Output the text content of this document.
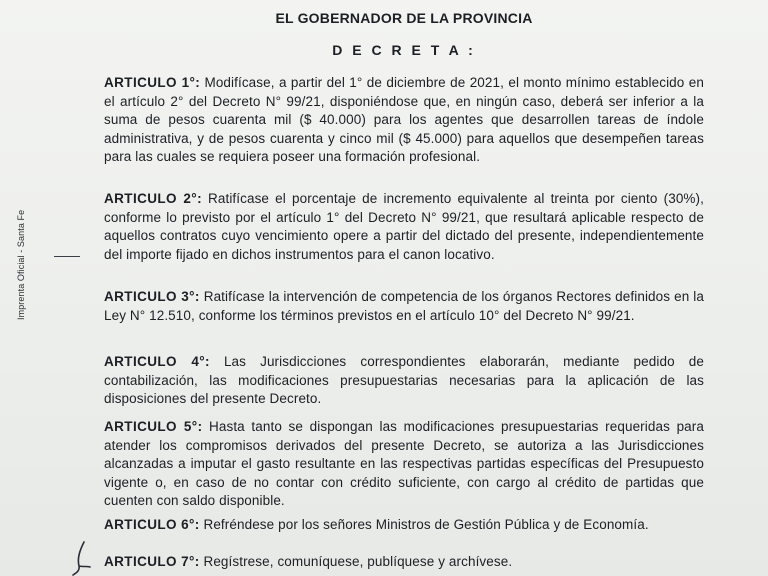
Imprenta Oficial - Santa Fe
EL GOBERNADOR DE LA PROVINCIA
D E C R E T A :
ARTICULO 1°: Modifícase, a partir del 1° de diciembre de 2021, el monto mínimo establecido en el artículo 2° del Decreto N° 99/21, disponiéndose que, en ningún caso, deberá ser inferior a la suma de pesos cuarenta mil ($ 40.000) para los agentes que desarrollen tareas de índole administrativa, y de pesos cuarenta y cinco mil ($ 45.000) para aquellos que desempeñen tareas para las cuales se requiera poseer una formación profesional.
ARTICULO 2°: Ratifícase el porcentaje de incremento equivalente al treinta por ciento (30%), conforme lo previsto por el artículo 1° del Decreto N° 99/21, que resultará aplicable respecto de aquellos contratos cuyo vencimiento opere a partir del dictado del presente, independientemente del importe fijado en dichos instrumentos para el canon locativo.
ARTICULO 3°: Ratifícase la intervención de competencia de los órganos Rectores definidos en la Ley N° 12.510, conforme los términos previstos en el artículo 10° del Decreto N° 99/21.
ARTICULO 4°: Las Jurisdicciones correspondientes elaborarán, mediante pedido de contabilización, las modificaciones presupuestarias necesarias para la aplicación de las disposiciones del presente Decreto.
ARTICULO 5°: Hasta tanto se dispongan las modificaciones presupuestarias requeridas para atender los compromisos derivados del presente Decreto, se autoriza a las Jurisdicciones alcanzadas a imputar el gasto resultante en las respectivas partidas específicas del Presupuesto vigente o, en caso de no contar con crédito suficiente, con cargo al crédito de partidas que cuenten con saldo disponible.
ARTICULO 6°: Refréndese por los señores Ministros de Gestión Pública y de Economía.
ARTICULO 7°: Regístrese, comuníquese, publíquese y archívese.
